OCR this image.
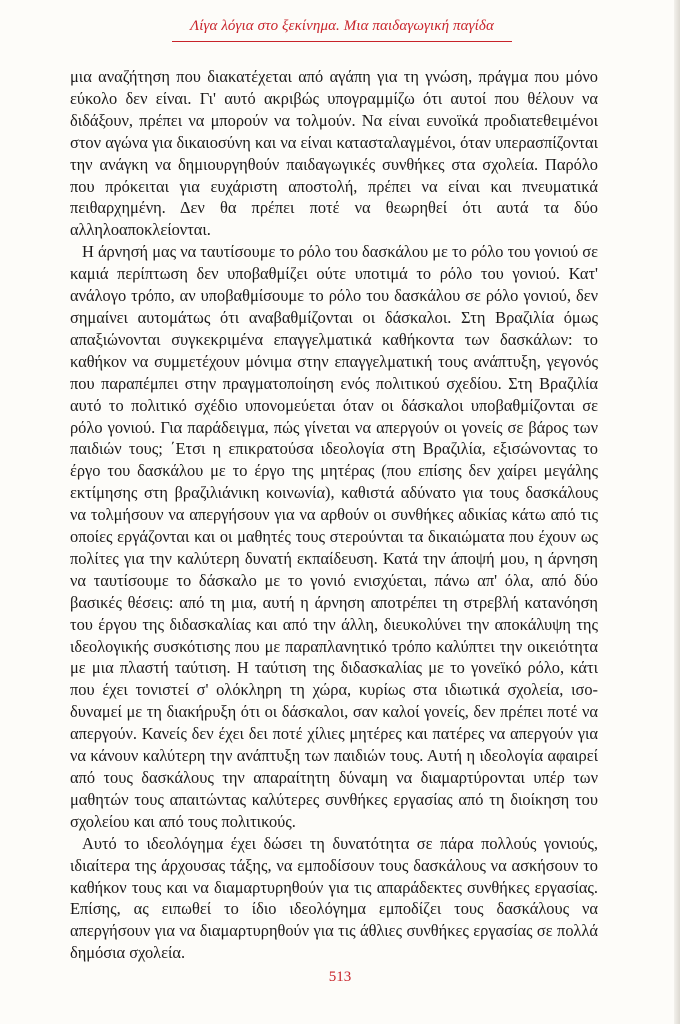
Λίγα λόγια στο ξεκίνημα. Μια παιδαγωγική παγίδα

μια αναζήτηση που διακατέχεται από αγάπη για τη γνώση, πράγμα που μόνο εύκολο δεν είναι. Γι' αυτό ακριβώς υπογραμμίζω ότι αυτοί που θέλουν να διδάξουν, πρέπει να μπορούν να τολμούν. Να είναι ευνοϊκά προδιατεθειμένοι στον αγώνα για δικαιοσύνη και να είναι κατασταλαγμένοι, όταν υπερασπίζονται την ανάγκη να δημιουργηθούν παιδαγωγικές συνθήκες στα σχολεία. Παρόλο που πρόκειται για ευχάριστη αποστολή, πρέπει να είναι και πνευματικά πειθαρχημένη. Δεν θα πρέπει ποτέ να θεωρηθεί ότι αυτά τα δύο αλληλοαποκλείονται.

Η άρνησή μας να ταυτίσουμε το ρόλο του δασκάλου με το ρόλο του γονιού σε καμιά περίπτωση δεν υποβαθμίζει ούτε υποτιμά το ρόλο του γονιού. Κατ' ανάλογο τρόπο, αν υποβαθμίσουμε το ρόλο του δασκάλου σε ρόλο γονιού, δεν σημαίνει αυτομάτως ότι αναβαθμίζονται οι δάσκαλοι. Στη Βραζιλία όμως απαξιώνονται συγκεκριμένα επαγγελματικά καθήκοντα των δασκάλων: το καθήκον να συμμετέχουν μόνιμα στην επαγγελματική τους ανάπτυξη, γεγονός που παραπέμπει στην πραγματοποίηση ενός πολιτικού σχεδίου. Στη Βραζιλία αυτό το πολιτικό σχέδιο υπονομεύεται όταν οι δάσκαλοι υποβαθμίζονται σε ρόλο γονιού. Για παράδειγμα, πώς γίνεται να απεργούν οι γονείς σε βάρος των παιδιών τους; ΄Ετσι η επικρατούσα ιδεολογία στη Βραζιλία, εξισώνοντας το έργο του δασκάλου με το έργο της μητέρας (που επίσης δεν χαίρει μεγάλης εκτίμησης στη βραζιλιάνικη κοινωνία), καθιστά αδύνατο για τους δασκάλους να τολμήσουν να απεργήσουν για να αρθούν οι συνθήκες αδικίας κάτω από τις οποίες εργάζονται και οι μαθητές τους στερούνται τα δικαιώματα που έχουν ως πολίτες για την καλύτερη δυνατή εκπαίδευση. Κατά την άποψή μου, η άρνηση να ταυτίσουμε το δάσκαλο με το γονιό ενισχύεται, πάνω απ' όλα, από δύο βασικές θέσεις: από τη μια, αυτή η άρνηση αποτρέπει τη στρεβλή κατανόηση του έργου της διδασκαλίας και από την άλλη, διευκολύνει την αποκάλυψη της ιδεολογικής συσκότισης που με παραπλανητικό τρόπο καλύπτει την οικειότητα με μια πλαστή ταύτιση. Η ταύτιση της διδασκαλίας με το γονεϊκό ρόλο, κάτι που έχει τονιστεί σ' ολόκληρη τη χώρα, κυρίως στα ιδιωτικά σχολεία, ισοδυναμεί με τη διακήρυξη ότι οι δάσκαλοι, σαν καλοί γονείς, δεν πρέπει ποτέ να απεργούν. Κανείς δεν έχει δει ποτέ χίλιες μητέρες και πατέρες να απεργούν για να κάνουν καλύτερη την ανάπτυξη των παιδιών τους. Αυτή η ιδεολογία αφαιρεί από τους δασκάλους την απαραίτητη δύναμη να διαμαρτύρονται υπέρ των μαθητών τους απαιτώντας καλύτερες συνθήκες εργασίας από τη διοίκηση του σχολείου και από τους πολιτικούς.

Αυτό το ιδεολόγημα έχει δώσει τη δυνατότητα σε πάρα πολλούς γονιούς, ιδιαίτερα της άρχουσας τάξης, να εμποδίσουν τους δασκάλους να ασκήσουν το καθήκον τους και να διαμαρτυρηθούν για τις απαράδεκτες συνθήκες εργασίας. Επίσης, ας ειπωθεί το ίδιο ιδεολόγημα εμποδίζει τους δασκάλους να απεργήσουν για να διαμαρτυρηθούν για τις άθλιες συνθήκες εργασίας σε πολλά δημόσια σχολεία.

513
